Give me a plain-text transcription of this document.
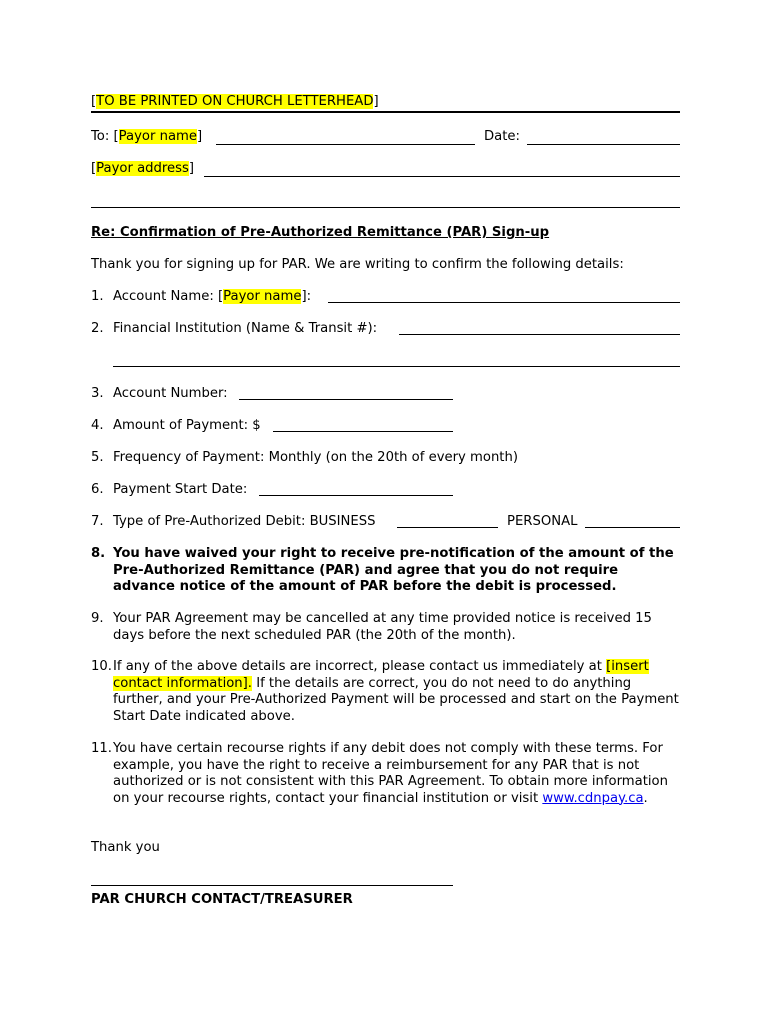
[TO BE PRINTED ON CHURCH LETTERHEAD]
To: [Payor name]	Date:
[Payor address]
Re: Confirmation of Pre-Authorized Remittance (PAR) Sign-up
Thank you for signing up for PAR. We are writing to confirm the following details:
1. Account Name: [Payor name]:
2. Financial Institution (Name & Transit #):
3. Account Number:
4. Amount of Payment: $
5. Frequency of Payment: Monthly (on the 20th of every month)
6. Payment Start Date:
7. Type of Pre-Authorized Debit: BUSINESS	PERSONAL
8. You have waived your right to receive pre-notification of the amount of the Pre-Authorized Remittance (PAR) and agree that you do not require advance notice of the amount of PAR before the debit is processed.
9. Your PAR Agreement may be cancelled at any time provided notice is received 15 days before the next scheduled PAR (the 20th of the month).
10. If any of the above details are incorrect, please contact us immediately at [insert contact information]. If the details are correct, you do not need to do anything further, and your Pre-Authorized Payment will be processed and start on the Payment Start Date indicated above.
11. You have certain recourse rights if any debit does not comply with these terms. For example, you have the right to receive a reimbursement for any PAR that is not authorized or is not consistent with this PAR Agreement. To obtain more information on your recourse rights, contact your financial institution or visit www.cdnpay.ca.
Thank you
PAR CHURCH CONTACT/TREASURER
